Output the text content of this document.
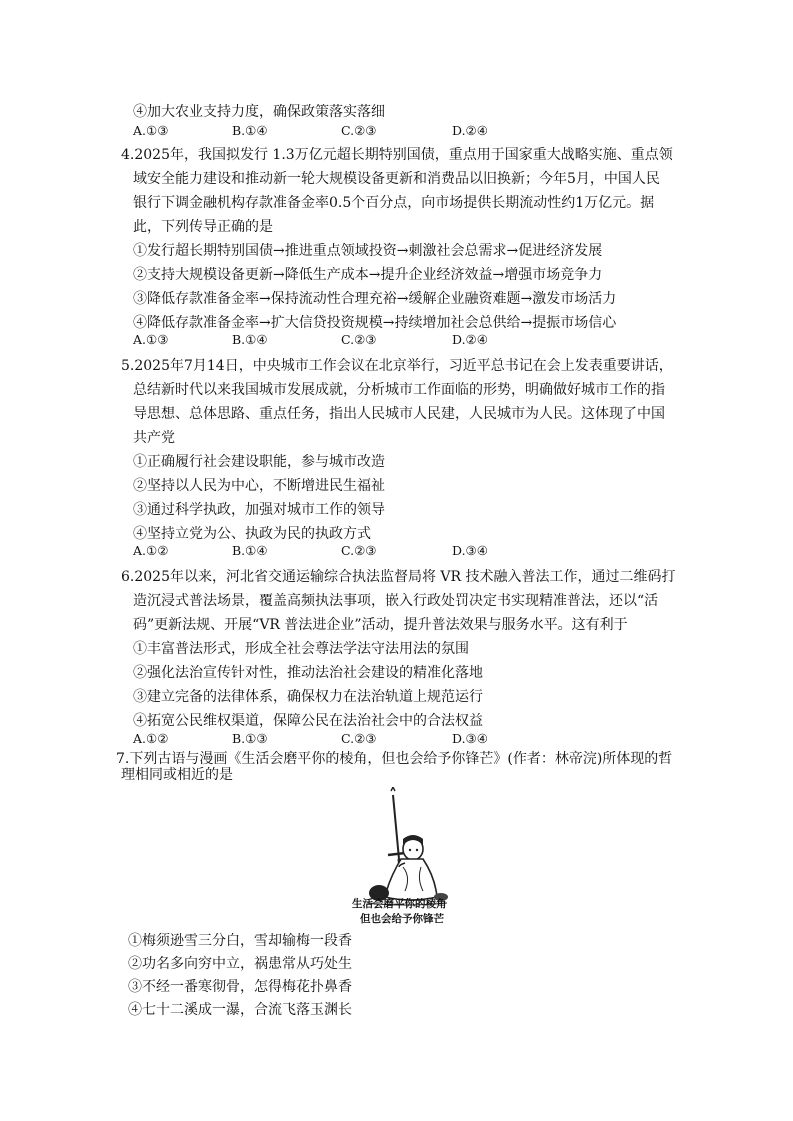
④加大农业支持力度，确保政策落实落细
A.①③	B.①④	C.②③	D.②④
4.2025年，我国拟发行 1.3万亿元超长期特别国债，重点用于国家重大战略实施、重点领
域安全能力建设和推动新一轮大规模设备更新和消费品以旧换新；今年5月，中国人民
银行下调金融机构存款准备金率0.5个百分点，向市场提供长期流动性约1万亿元。据
此，下列传导正确的是
①发行超长期特别国债→推进重点领域投资→刺激社会总需求→促进经济发展
②支持大规模设备更新→降低生产成本→提升企业经济效益→增强市场竞争力
③降低存款准备金率→保持流动性合理充裕→缓解企业融资难题→激发市场活力
④降低存款准备金率→扩大信贷投资规模→持续增加社会总供给→提振市场信心
A.①③	B.①④	C.②③	D.②④
5.2025年7月14日，中央城市工作会议在北京举行，习近平总书记在会上发表重要讲话，
总结新时代以来我国城市发展成就，分析城市工作面临的形势，明确做好城市工作的指
导思想、总体思路、重点任务，指出人民城市人民建，人民城市为人民。这体现了中国
共产党
①正确履行社会建设职能，参与城市改造
②坚持以人民为中心，不断增进民生福祉
③通过科学执政，加强对城市工作的领导
④坚持立党为公、执政为民的执政方式
A.①②	B.①④	C.②③	D.③④
6.2025年以来，河北省交通运输综合执法监督局将 VR 技术融入普法工作，通过二维码打
造沉浸式普法场景，覆盖高频执法事项，嵌入行政处罚决定书实现精准普法，还以“活
码”更新法规、开展“VR 普法进企业”活动，提升普法效果与服务水平。这有利于
①丰富普法形式，形成全社会尊法学法守法用法的氛围
②强化法治宣传针对性，推动法治社会建设的精准化落地
③建立完备的法律体系，确保权力在法治轨道上规范运行
④拓宽公民维权渠道，保障公民在法治社会中的合法权益
A.①②	B.①③	C.②③	D.③④
7.下列古语与漫画《生活会磨平你的棱角，但也会给予你锋芒》(作者：林帝浣)所体现的哲
理相同或相近的是
生活会磨平你的棱角
但也会给予你锋芒
①梅须逊雪三分白，雪却输梅一段香
②功名多向穷中立，祸患常从巧处生
③不经一番寒彻骨，怎得梅花扑鼻香
④七十二溪成一瀑，合流飞落玉渊长
